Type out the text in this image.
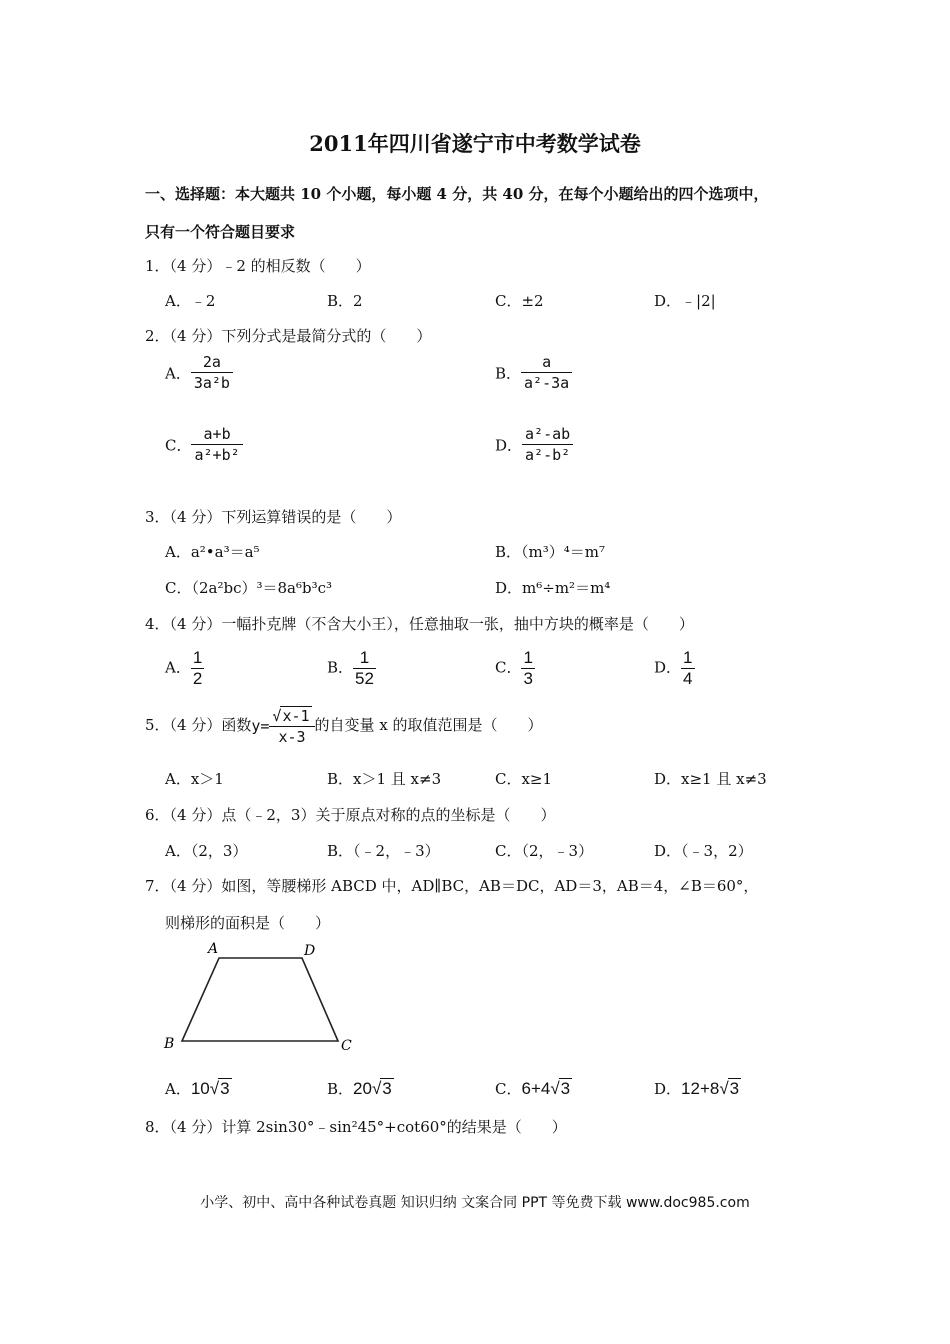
2011年四川省遂宁市中考数学试卷
一、选择题：本大题共 10 个小题，每小题 4 分，共 40 分，在每个小题给出的四个选项中，
只有一个符合题目要求
1．（4 分）﹣2 的相反数（　　）
A．﹣2	B．2	C．±2	D．﹣|2|
2．（4 分）下列分式是最简分式的（　　）
A． $\frac{2a}{\text{3a²b}}$	B． $\frac{a}{\text{a²-3a}}$
C． $\frac{a+b}{\text{a²+b²}}$	D． $\frac{\text{a²-ab}}{\text{a²-b²}}$
3．（4 分）下列运算错误的是（　　）
A．a²•a³＝a⁵	B．（m³）⁴＝m⁷
C．（2a²bc）³＝8a⁶b³c³	D．m⁶÷m²＝m⁴
4．（4 分）一幅扑克牌（不含大小王），任意抽取一张，抽中方块的概率是（　　）
A． $\frac{1}{2}$	B． $\frac{1}{52}$	C． $\frac{1}{3}$	D． $\frac{1}{4}$
5．（4 分）函数$y= \frac{√x-1}{x-3}$ 的自变量 x 的取值范围是（　　）
A．x＞1	B．x＞1 且 x≠3	C．x≥1	D．x≥1 且 x≠3
6．（4 分）点（﹣2，3）关于原点对称的点的坐标是（　　）
A．（2，3）	B．（﹣2，﹣3）	C．（2，﹣3）	D．（﹣3，2）
7．（4 分）如图，等腰梯形 ABCD 中，AD∥BC，AB＝DC，AD＝3，AB＝4，∠B＝60°，
则梯形的面积是（　　）
A	D
B	C
A．10√3	B．20√3	C．6+4√3	D．12+8√3
8．（4 分）计算 2sin30°﹣sin²45°+cot60°的结果是（　　）
小学、初中、高中各种试卷真题 知识归纳 文案合同 PPT 等免费下载 www.doc985.com
